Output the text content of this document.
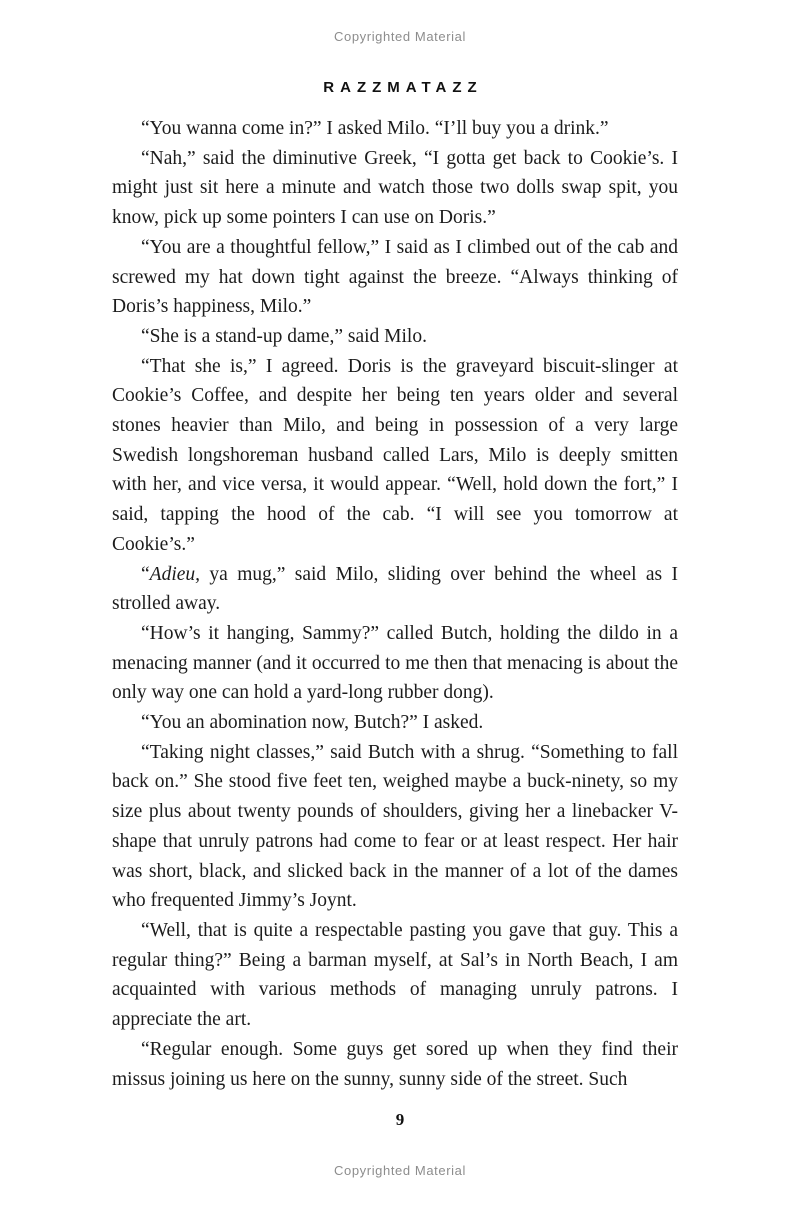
Copyrighted Material
RAZZMATAZZ

“You wanna come in?” I asked Milo. “I’ll buy you a drink.”

“Nah,” said the diminutive Greek, “I gotta get back to Cookie’s. I might just sit here a minute and watch those two dolls swap spit, you know, pick up some pointers I can use on Doris.”

“You are a thoughtful fellow,” I said as I climbed out of the cab and screwed my hat down tight against the breeze. “Always thinking of Doris’s happiness, Milo.”

“She is a stand-up dame,” said Milo.

“That she is,” I agreed. Doris is the graveyard biscuit-slinger at Cookie’s Coffee, and despite her being ten years older and several stones heavier than Milo, and being in possession of a very large Swedish longshoreman husband called Lars, Milo is deeply smitten with her, and vice versa, it would appear. “Well, hold down the fort,” I said, tapping the hood of the cab. “I will see you tomorrow at Cookie’s.”

“Adieu, ya mug,” said Milo, sliding over behind the wheel as I strolled away.

“How’s it hanging, Sammy?” called Butch, holding the dildo in a menacing manner (and it occurred to me then that menacing is about the only way one can hold a yard-long rubber dong).

“You an abomination now, Butch?” I asked.

“Taking night classes,” said Butch with a shrug. “Something to fall back on.” She stood five feet ten, weighed maybe a buck-ninety, so my size plus about twenty pounds of shoulders, giving her a linebacker V-shape that unruly patrons had come to fear or at least respect. Her hair was short, black, and slicked back in the manner of a lot of the dames who frequented Jimmy’s Joynt.

“Well, that is quite a respectable pasting you gave that guy. This a regular thing?” Being a barman myself, at Sal’s in North Beach, I am acquainted with various methods of managing unruly patrons. I appreciate the art.

“Regular enough. Some guys get sored up when they find their missus joining us here on the sunny, sunny side of the street. Such

9
Copyrighted Material
